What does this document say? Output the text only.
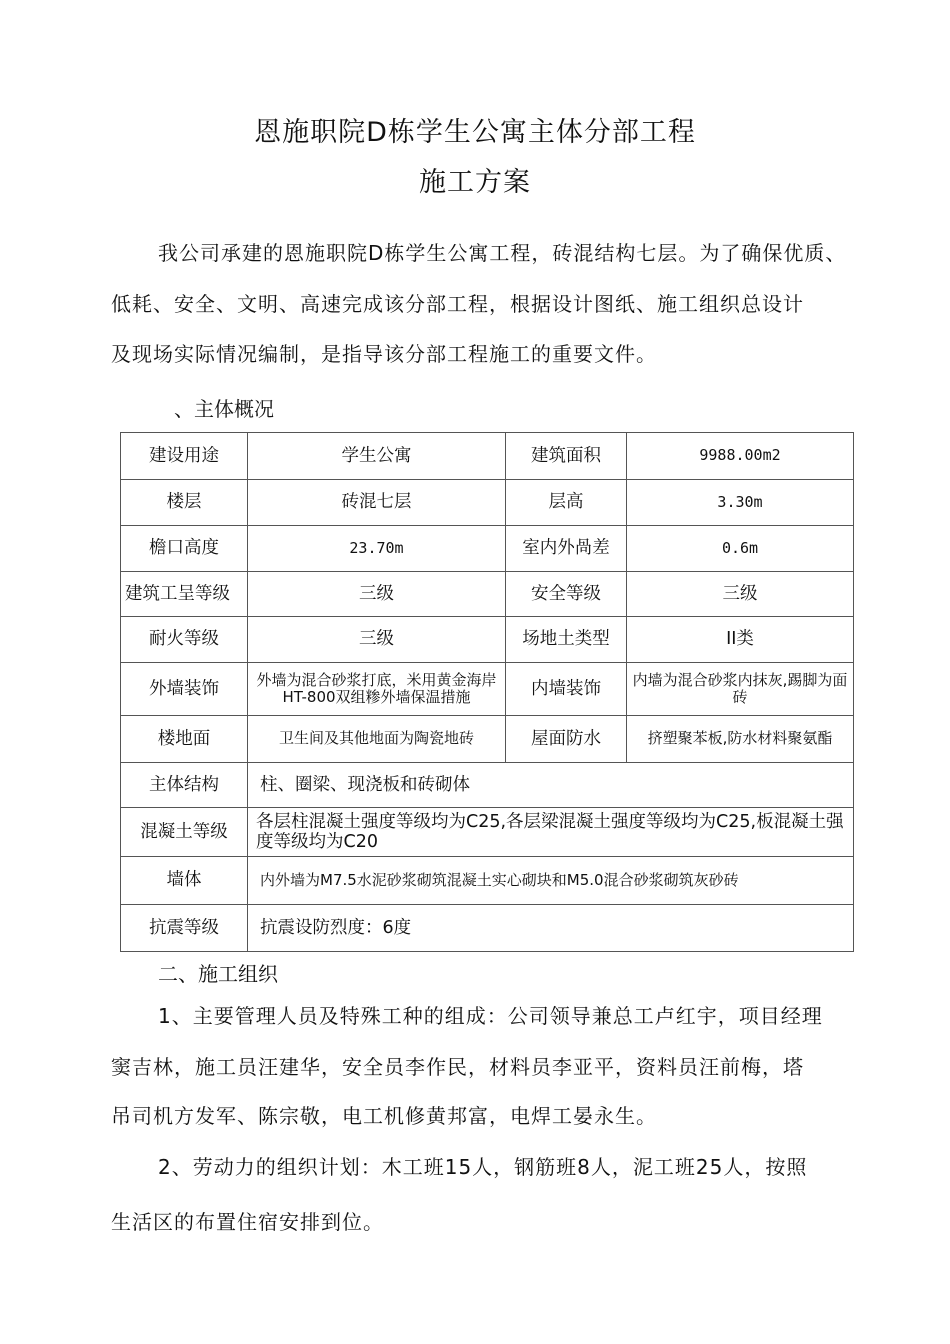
恩施职院D栋学生公寓主体分部工程
施工方案
我公司承建的恩施职院D栋学生公寓工程，砖混结构七层。为了确保优质、
低耗、安全、文明、高速完成该分部工程，根据设计图纸、施工组织总设计
及现场实际情况编制，是指导该分部工程施工的重要文件。
、主体概况
建设用途	学生公寓	建筑面积	9988.00m2
楼层	砖混七层	层高	3.30m
檐口高度	23.70m	室内外咼差	0.6m
建筑工呈等级	三级	安全等级	三级
耐火等级	三级	场地土类型	II类
外墙装饰	外墙为混合砂浆打底，米用黄金海岸HT-800双组糁外墙保温措施	内墙装饰	内墙为混合砂浆内抹灰,踢脚为面砖
楼地面	卫生间及其他地面为陶瓷地砖	屋面防水	挤塑聚苯板,防水材料聚氨酯
主体结构	柱、圈梁、现浇板和砖砌体		
混凝土等级	各层柱混凝土强度等级均为C25,各层梁混凝土强度等级均为C25,板混凝土强度等级均为C20		
墙体	内外墙为M7.5水泥砂浆砌筑混凝土实心砌块和M5.0混合砂浆砌筑灰砂砖		
抗震等级	抗震设防烈度：6度		
二、施工组织
1、主要管理人员及特殊工种的组成：公司领导兼总工卢红宇，项目经理
窦吉林，施工员汪建华，安全员李作民，材料员李亚平，资料员汪前梅，塔
吊司机方发军、陈宗敬，电工机修黄邦富，电焊工晏永生。
2、劳动力的组织计划：木工班15人，钢筋班8人，泥工班25人，按照
生活区的布置住宿安排到位。
